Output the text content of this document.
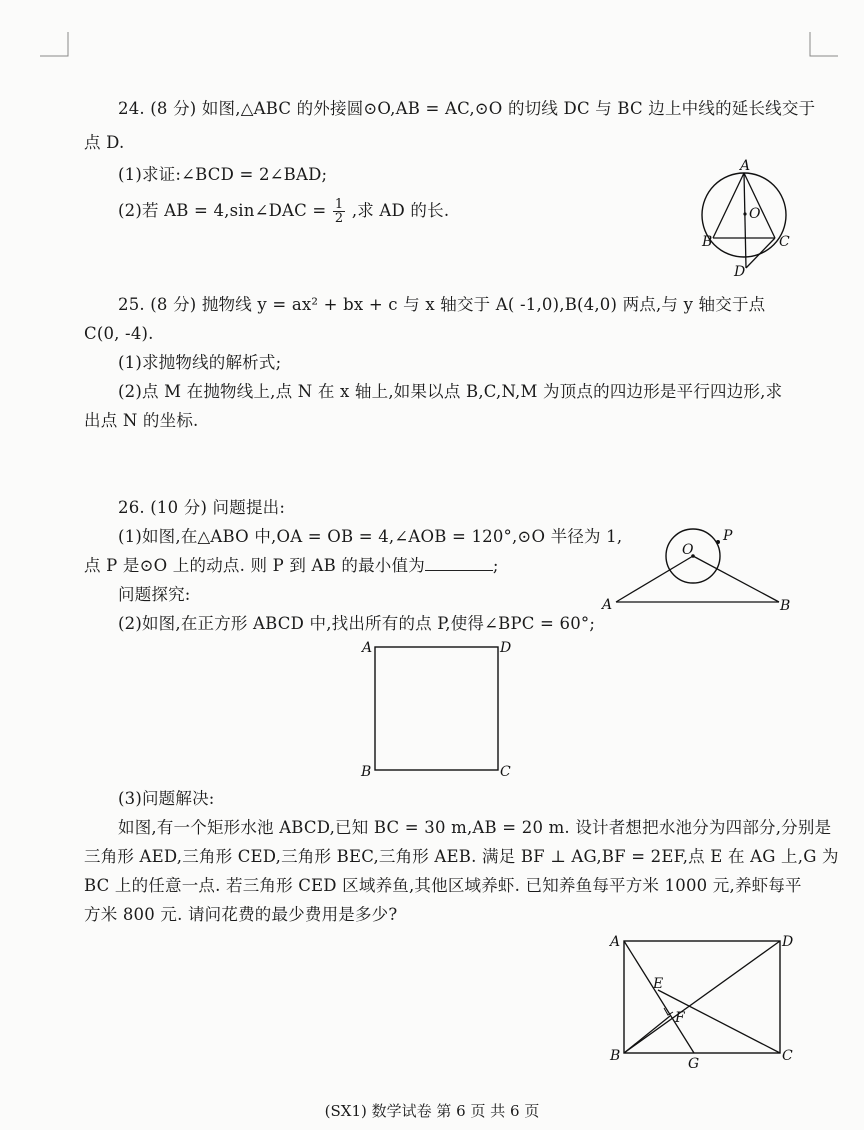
24. (8 分) 如图,△ABC 的外接圆⊙O,AB = AC,⊙O 的切线 DC 与 BC 边上中线的延长线交于
点 D.
(1)求证:∠BCD = 2∠BAD;
(2)若 AB = 4,sin∠DAC = $\frac{1}{2}$ ,求 AD 的长.
A
O
B	C
D
25. (8 分) 抛物线 y = ax² + bx + c 与 x 轴交于 A( -1,0),B(4,0) 两点,与 y 轴交于点
C(0, -4).
(1)求抛物线的解析式;
(2)点 M 在抛物线上,点 N 在 x 轴上,如果以点 B,C,N,M 为顶点的四边形是平行四边形,求
出点 N 的坐标.
26. (10 分) 问题提出:
(1)如图,在△ABO 中,OA = OB = 4,∠AOB = 120°,⊙O 半径为 1,
点 P 是⊙O 上的动点. 则 P 到 AB 的最小值为	;
问题探究:
(2)如图,在正方形 ABCD 中,找出所有的点 P,使得∠BPC = 60°;
O
P
A	B
A	D
B	C
(3)问题解决:
如图,有一个矩形水池 ABCD,已知 BC = 30 m,AB = 20 m. 设计者想把水池分为四部分,分别是
三角形 AED,三角形 CED,三角形 BEC,三角形 AEB. 满足 BF ⊥ AG,BF = 2EF,点 E 在 AG 上,G 为
BC 上的任意一点. 若三角形 CED 区域养鱼,其他区域养虾. 已知养鱼每平方米 1000 元,养虾每平
方米 800 元. 请问花费的最少费用是多少?
A	D
E
F
B	G	C
(SX1) 数学试卷 第 6 页 共 6 页
